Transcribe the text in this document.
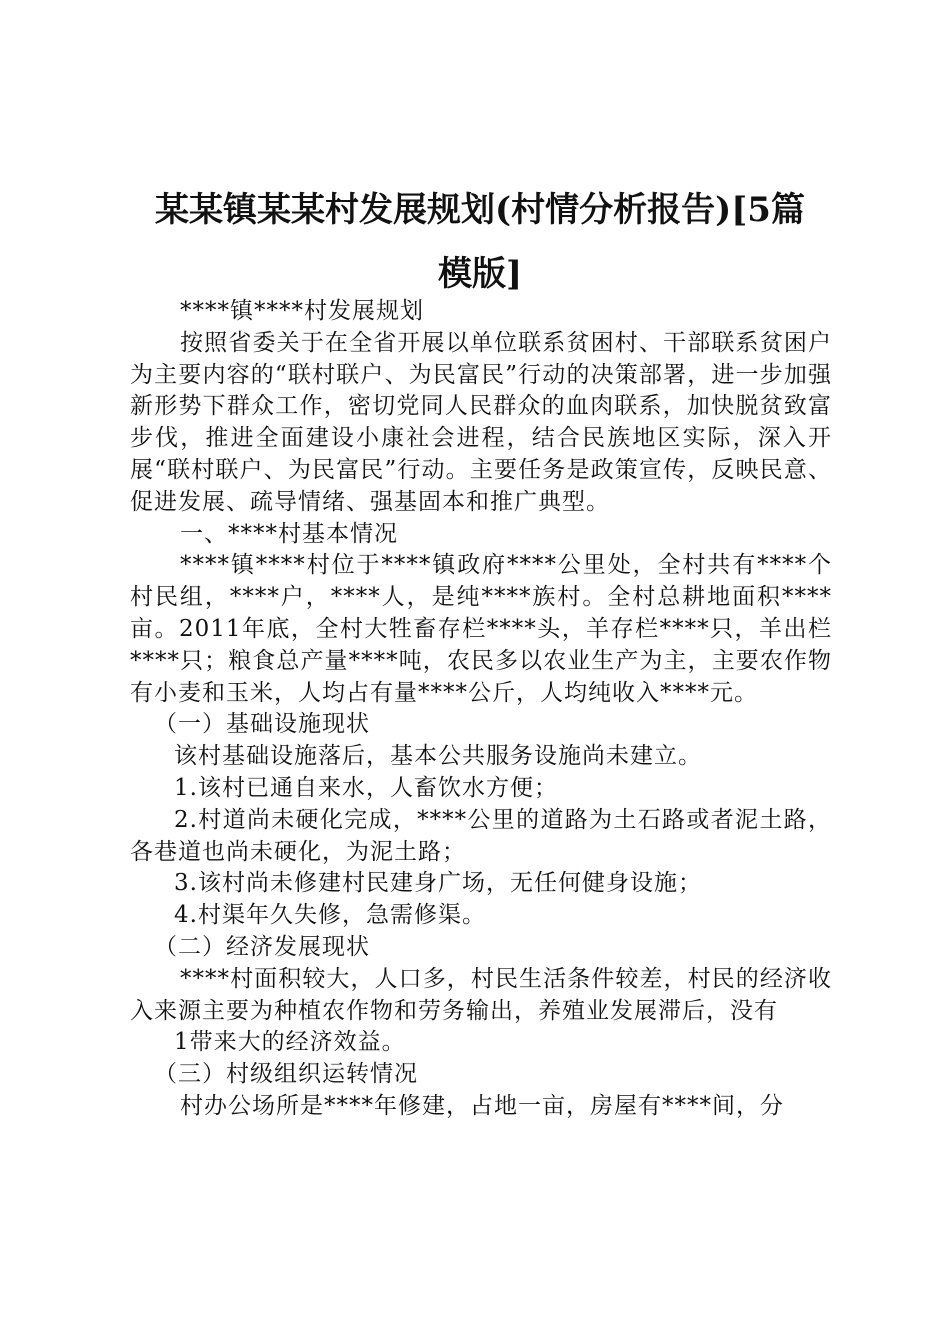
某某镇某某村发展规划(村情分析报告)[5篇
模版]

****镇****村发展规划

按照省委关于在全省开展以单位联系贫困村、干部联系贫困户为主要内容的“联村联户、为民富民”行动的决策部署，进一步加强新形势下群众工作，密切党同人民群众的血肉联系，加快脱贫致富步伐，推进全面建设小康社会进程，结合民族地区实际，深入开展“联村联户、为民富民”行动。主要任务是政策宣传，反映民意、促进发展、疏导情绪、强基固本和推广典型。

一、****村基本情况

****镇****村位于****镇政府****公里处，全村共有****个村民组，****户，****人，是纯****族村。全村总耕地面积****亩。2011年底，全村大牲畜存栏****头，羊存栏****只，羊出栏****只；粮食总产量****吨，农民多以农业生产为主，主要农作物有小麦和玉米，人均占有量****公斤，人均纯收入****元。

（一）基础设施现状

该村基础设施落后，基本公共服务设施尚未建立。

1.该村已通自来水，人畜饮水方便；

2.村道尚未硬化完成，****公里的道路为土石路或者泥土路，各巷道也尚未硬化，为泥土路；

3.该村尚未修建村民建身广场，无任何健身设施；

4.村渠年久失修，急需修渠。

（二）经济发展现状

****村面积较大，人口多，村民生活条件较差，村民的经济收入来源主要为种植农作物和劳务输出，养殖业发展滞后，没有

1带来大的经济效益。

（三）村级组织运转情况

村办公场所是****年修建，占地一亩，房屋有****间，分
